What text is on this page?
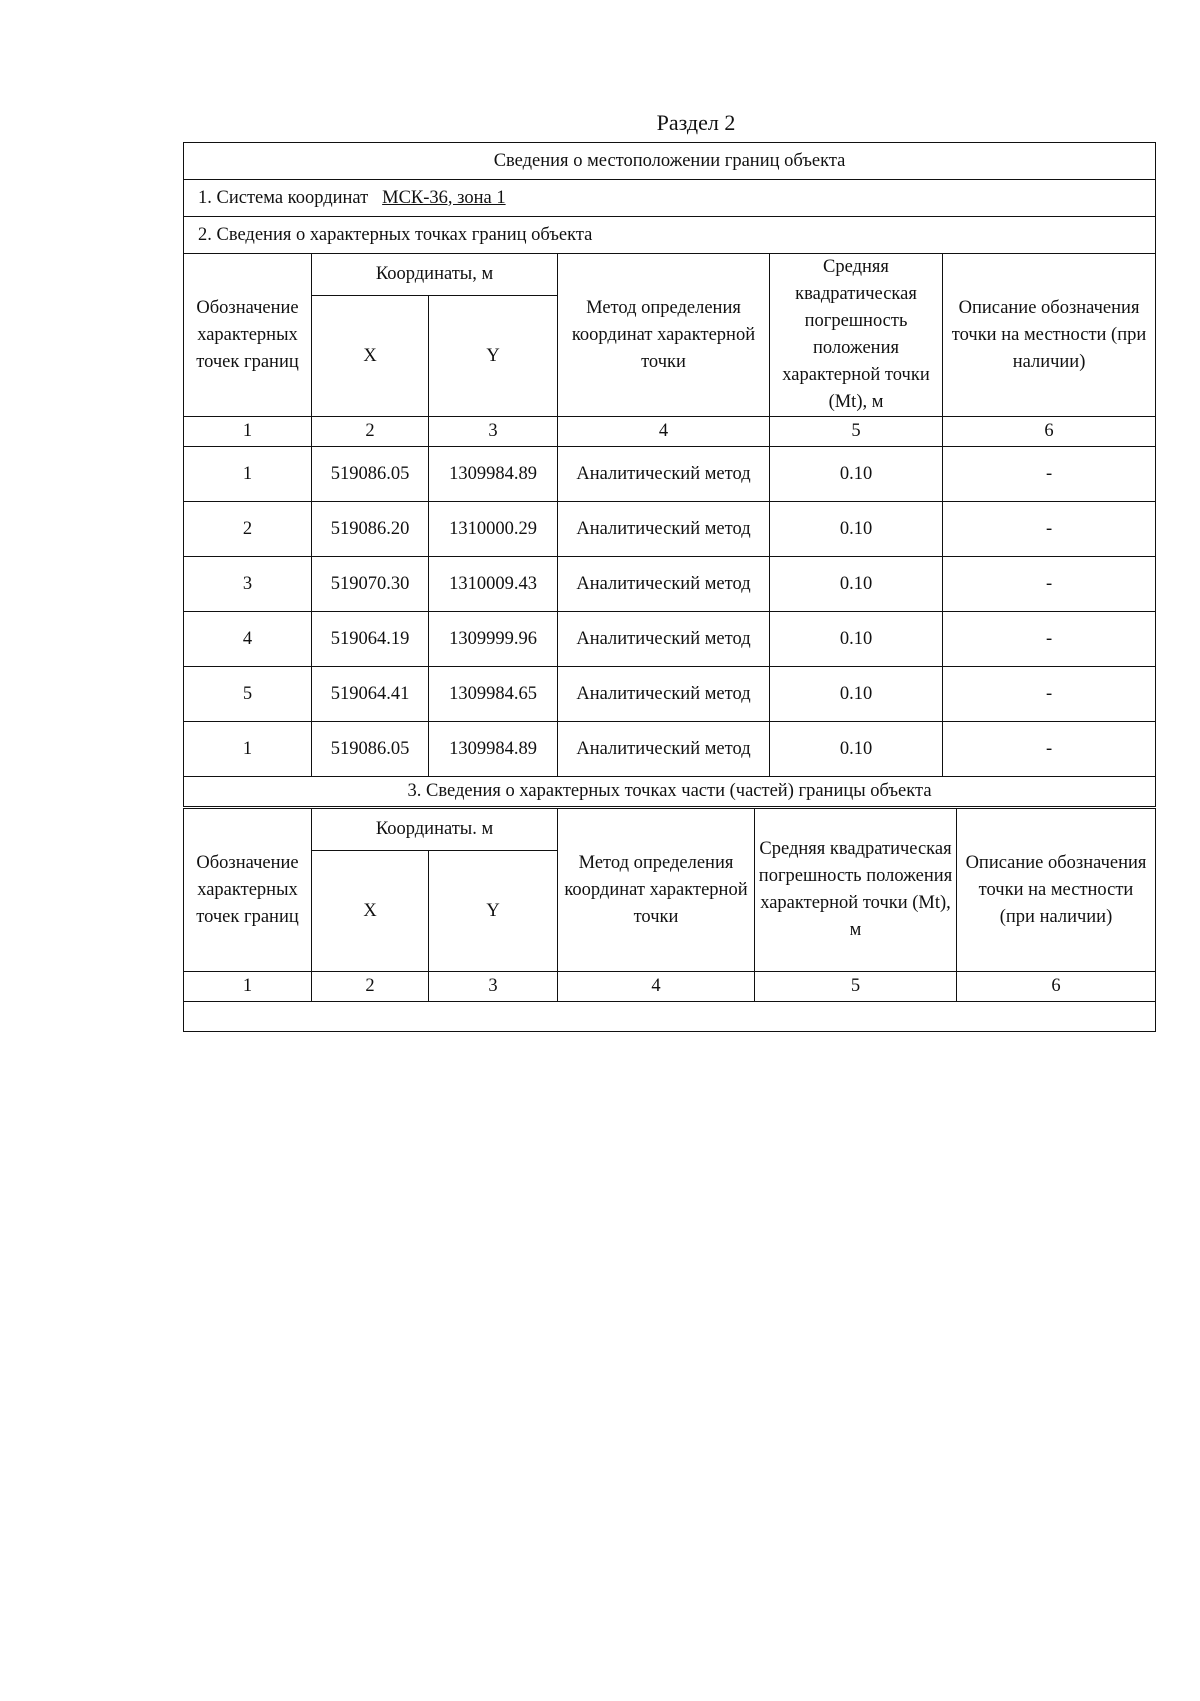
Раздел 2
Сведения о местоположении границ объекта					
1. Система координат МСК-36, зона 1					
2. Сведения о характерных точках границ объекта					
Обозначение характерных точек границ	Координаты, м		Метод определения координат характерной точки	Средняя квадратическая погрешность положения характерной точки (Mt), м	Описание обозначения точки на местности (при наличии)
	X	Y			
1	2	3	4	5	6
1	519086.05	1309984.89	Аналитический метод	0.10	-
2	519086.20	1310000.29	Аналитический метод	0.10	-
3	519070.30	1310009.43	Аналитический метод	0.10	-
4	519064.19	1309999.96	Аналитический метод	0.10	-
5	519064.41	1309984.65	Аналитический метод	0.10	-
1	519086.05	1309984.89	Аналитический метод	0.10	-
3. Сведения о характерных точках части (частей) границы объекта					
Обозначение характерных точек границ	Координаты. м		Метод определения координат характерной точки	Средняя квадратическая погрешность положения характерной точки (Mt), м	Описание обозначения точки на местности (при наличии)
	X	Y			
1	2	3	4	5	6
